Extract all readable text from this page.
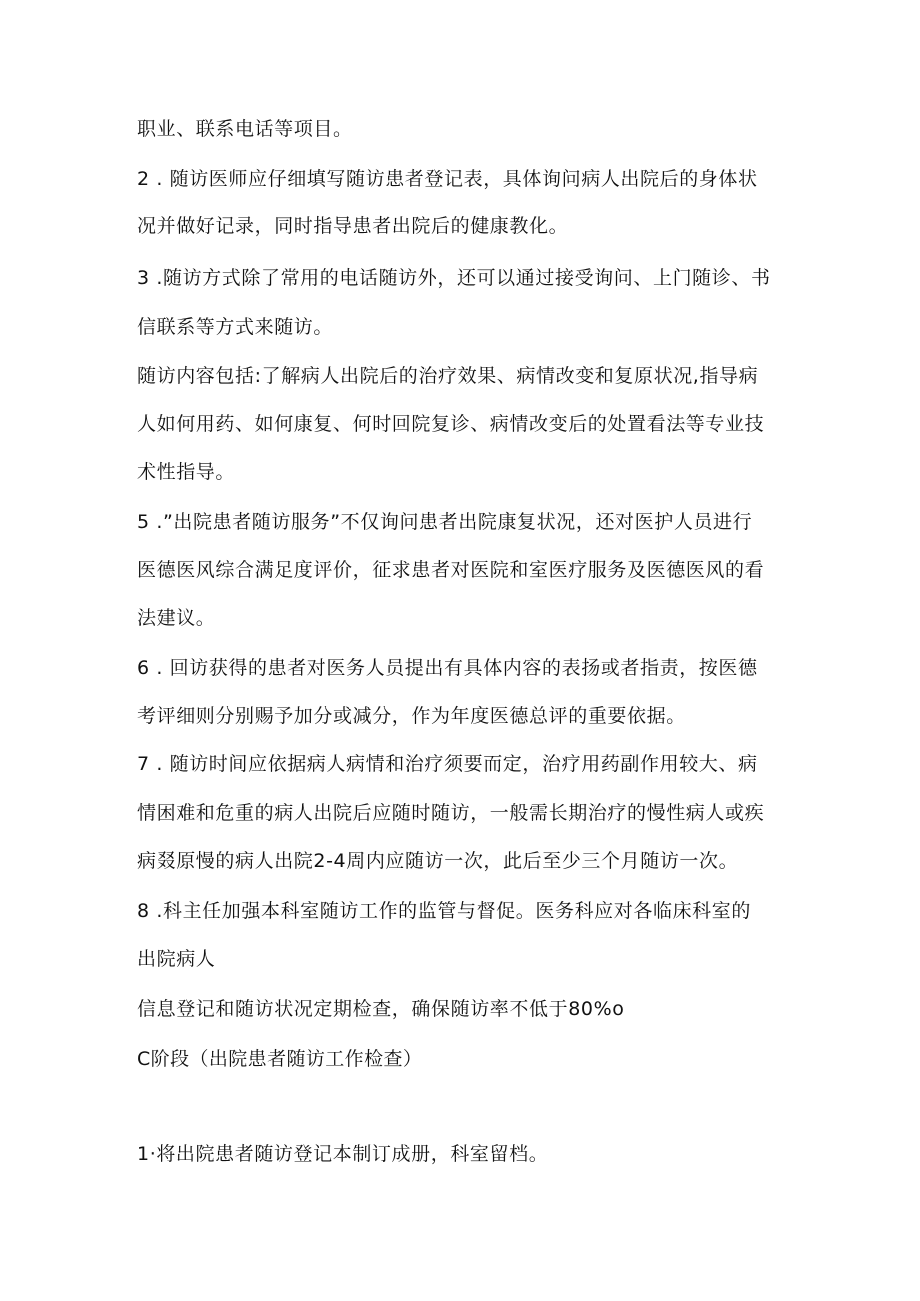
职业、联系电话等项目。
2 . 随访医师应仔细填写随访患者登记表，具体询问病人出院后的身体状
况并做好记录，同时指导患者出院后的健康教化。
3 .随访方式除了常用的电话随访外，还可以通过接受询问、上门随诊、书
信联系等方式来随访。
随访内容包括:了解病人出院后的治疗效果、病情改变和复原状况,指导病
人如何用药、如何康复、何时回院复诊、病情改变后的处置看法等专业技
术性指导。
5 .”出院患者随访服务”不仅询问患者出院康复状况，还对医护人员进行
医德医风综合满足度评价，征求患者对医院和室医疗服务及医德医风的看
法建议。
6 . 回访获得的患者对医务人员提出有具体内容的表扬或者指责，按医德
考评细则分别赐予加分或减分，作为年度医德总评的重要依据。
7 . 随访时间应依据病人病情和治疗须要而定，治疗用药副作用较大、病
情困难和危重的病人出院后应随时随访，一般需长期治疗的慢性病人或疾
病叕原慢的病人出院2-4周内应随访一次，此后至少三个月随访一次。
8 .科主任加强本科室随访工作的监管与督促。医务科应对各临床科室的
出院病人
信息登记和随访状况定期检查，确保随访率不低于80%o
C阶段（出院患者随访工作检查）
1·将出院患者随访登记本制订成册，科室留档。
